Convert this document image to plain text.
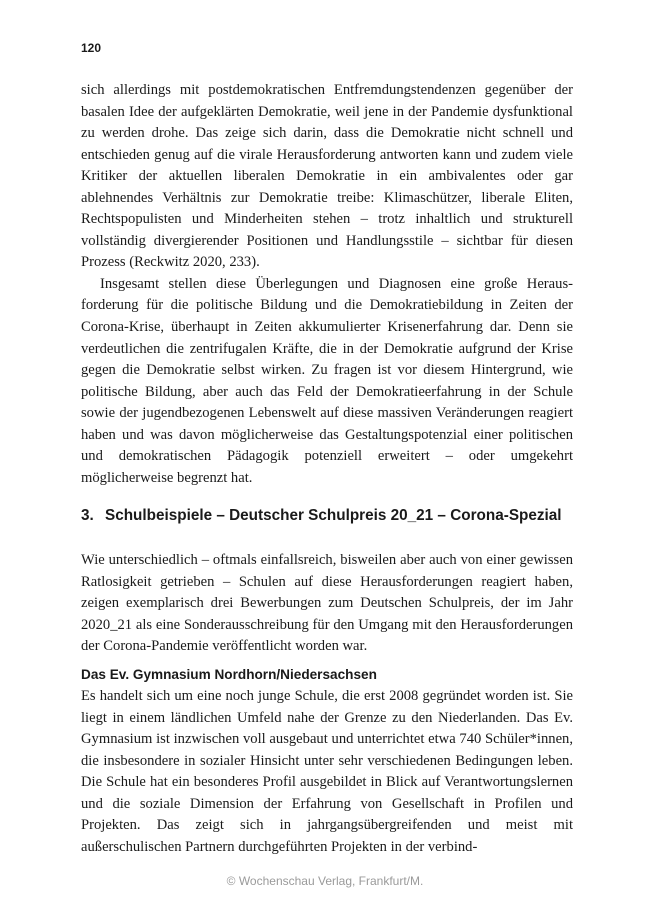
120

sich allerdings mit postdemokratischen Entfremdungstendenzen gegenüber der basalen Idee der aufgeklärten Demokratie, weil jene in der Pandemie dysfunktional zu werden drohe. Das zeige sich darin, dass die Demokratie nicht schnell und entschieden genug auf die virale Herausforderung antworten kann und zudem viele Kritiker der aktuellen liberalen Demokratie in ein ambivalentes oder gar ablehnendes Verhältnis zur Demokratie treibe: Klimaschützer, liberale Eliten, Rechtspopulisten und Minderheiten stehen – trotz inhaltlich und strukturell vollständig divergierender Positionen und Handlungsstile – sichtbar für diesen Prozess (Reckwitz 2020, 233).

Insgesamt stellen diese Überlegungen und Diagnosen eine große Herausforderung für die politische Bildung und die Demokratiebildung in Zeiten der Corona-Krise, überhaupt in Zeiten akkumulierter Krisenerfahrung dar. Denn sie verdeutlichen die zentrifugalen Kräfte, die in der Demokratie aufgrund der Krise gegen die Demokratie selbst wirken. Zu fragen ist vor diesem Hintergrund, wie politische Bildung, aber auch das Feld der Demokratieerfahrung in der Schule sowie der jugendbezogenen Lebenswelt auf diese massiven Veränderungen reagiert haben und was davon möglicherweise das Gestaltungspotenzial einer politischen und demokratischen Pädagogik potenziell erweitert – oder umgekehrt möglicherweise begrenzt hat.

3. Schulbeispiele – Deutscher Schulpreis 20_21 – Corona-Spezial

Wie unterschiedlich – oftmals einfallsreich, bisweilen aber auch von einer gewissen Ratlosigkeit getrieben – Schulen auf diese Herausforderungen reagiert haben, zeigen exemplarisch drei Bewerbungen zum Deutschen Schulpreis, der im Jahr 2020_21 als eine Sonderausschreibung für den Umgang mit den Herausforderungen der Corona-Pandemie veröffentlicht worden war.

Das Ev. Gymnasium Nordhorn/Niedersachsen

Es handelt sich um eine noch junge Schule, die erst 2008 gegründet worden ist. Sie liegt in einem ländlichen Umfeld nahe der Grenze zu den Niederlanden. Das Ev. Gymnasium ist inzwischen voll ausgebaut und unterrichtet etwa 740 Schüler*innen, die insbesondere in sozialer Hinsicht unter sehr verschiedenen Bedingungen leben. Die Schule hat ein besonderes Profil ausgebildet in Blick auf Verantwortungslernen und die soziale Dimension der Erfahrung von Gesellschaft in Profilen und Projekten. Das zeigt sich in jahrgangsübergreifenden und meist mit außerschulischen Partnern durchgeführten Projekten in der verbind-

© Wochenschau Verlag, Frankfurt/M.
